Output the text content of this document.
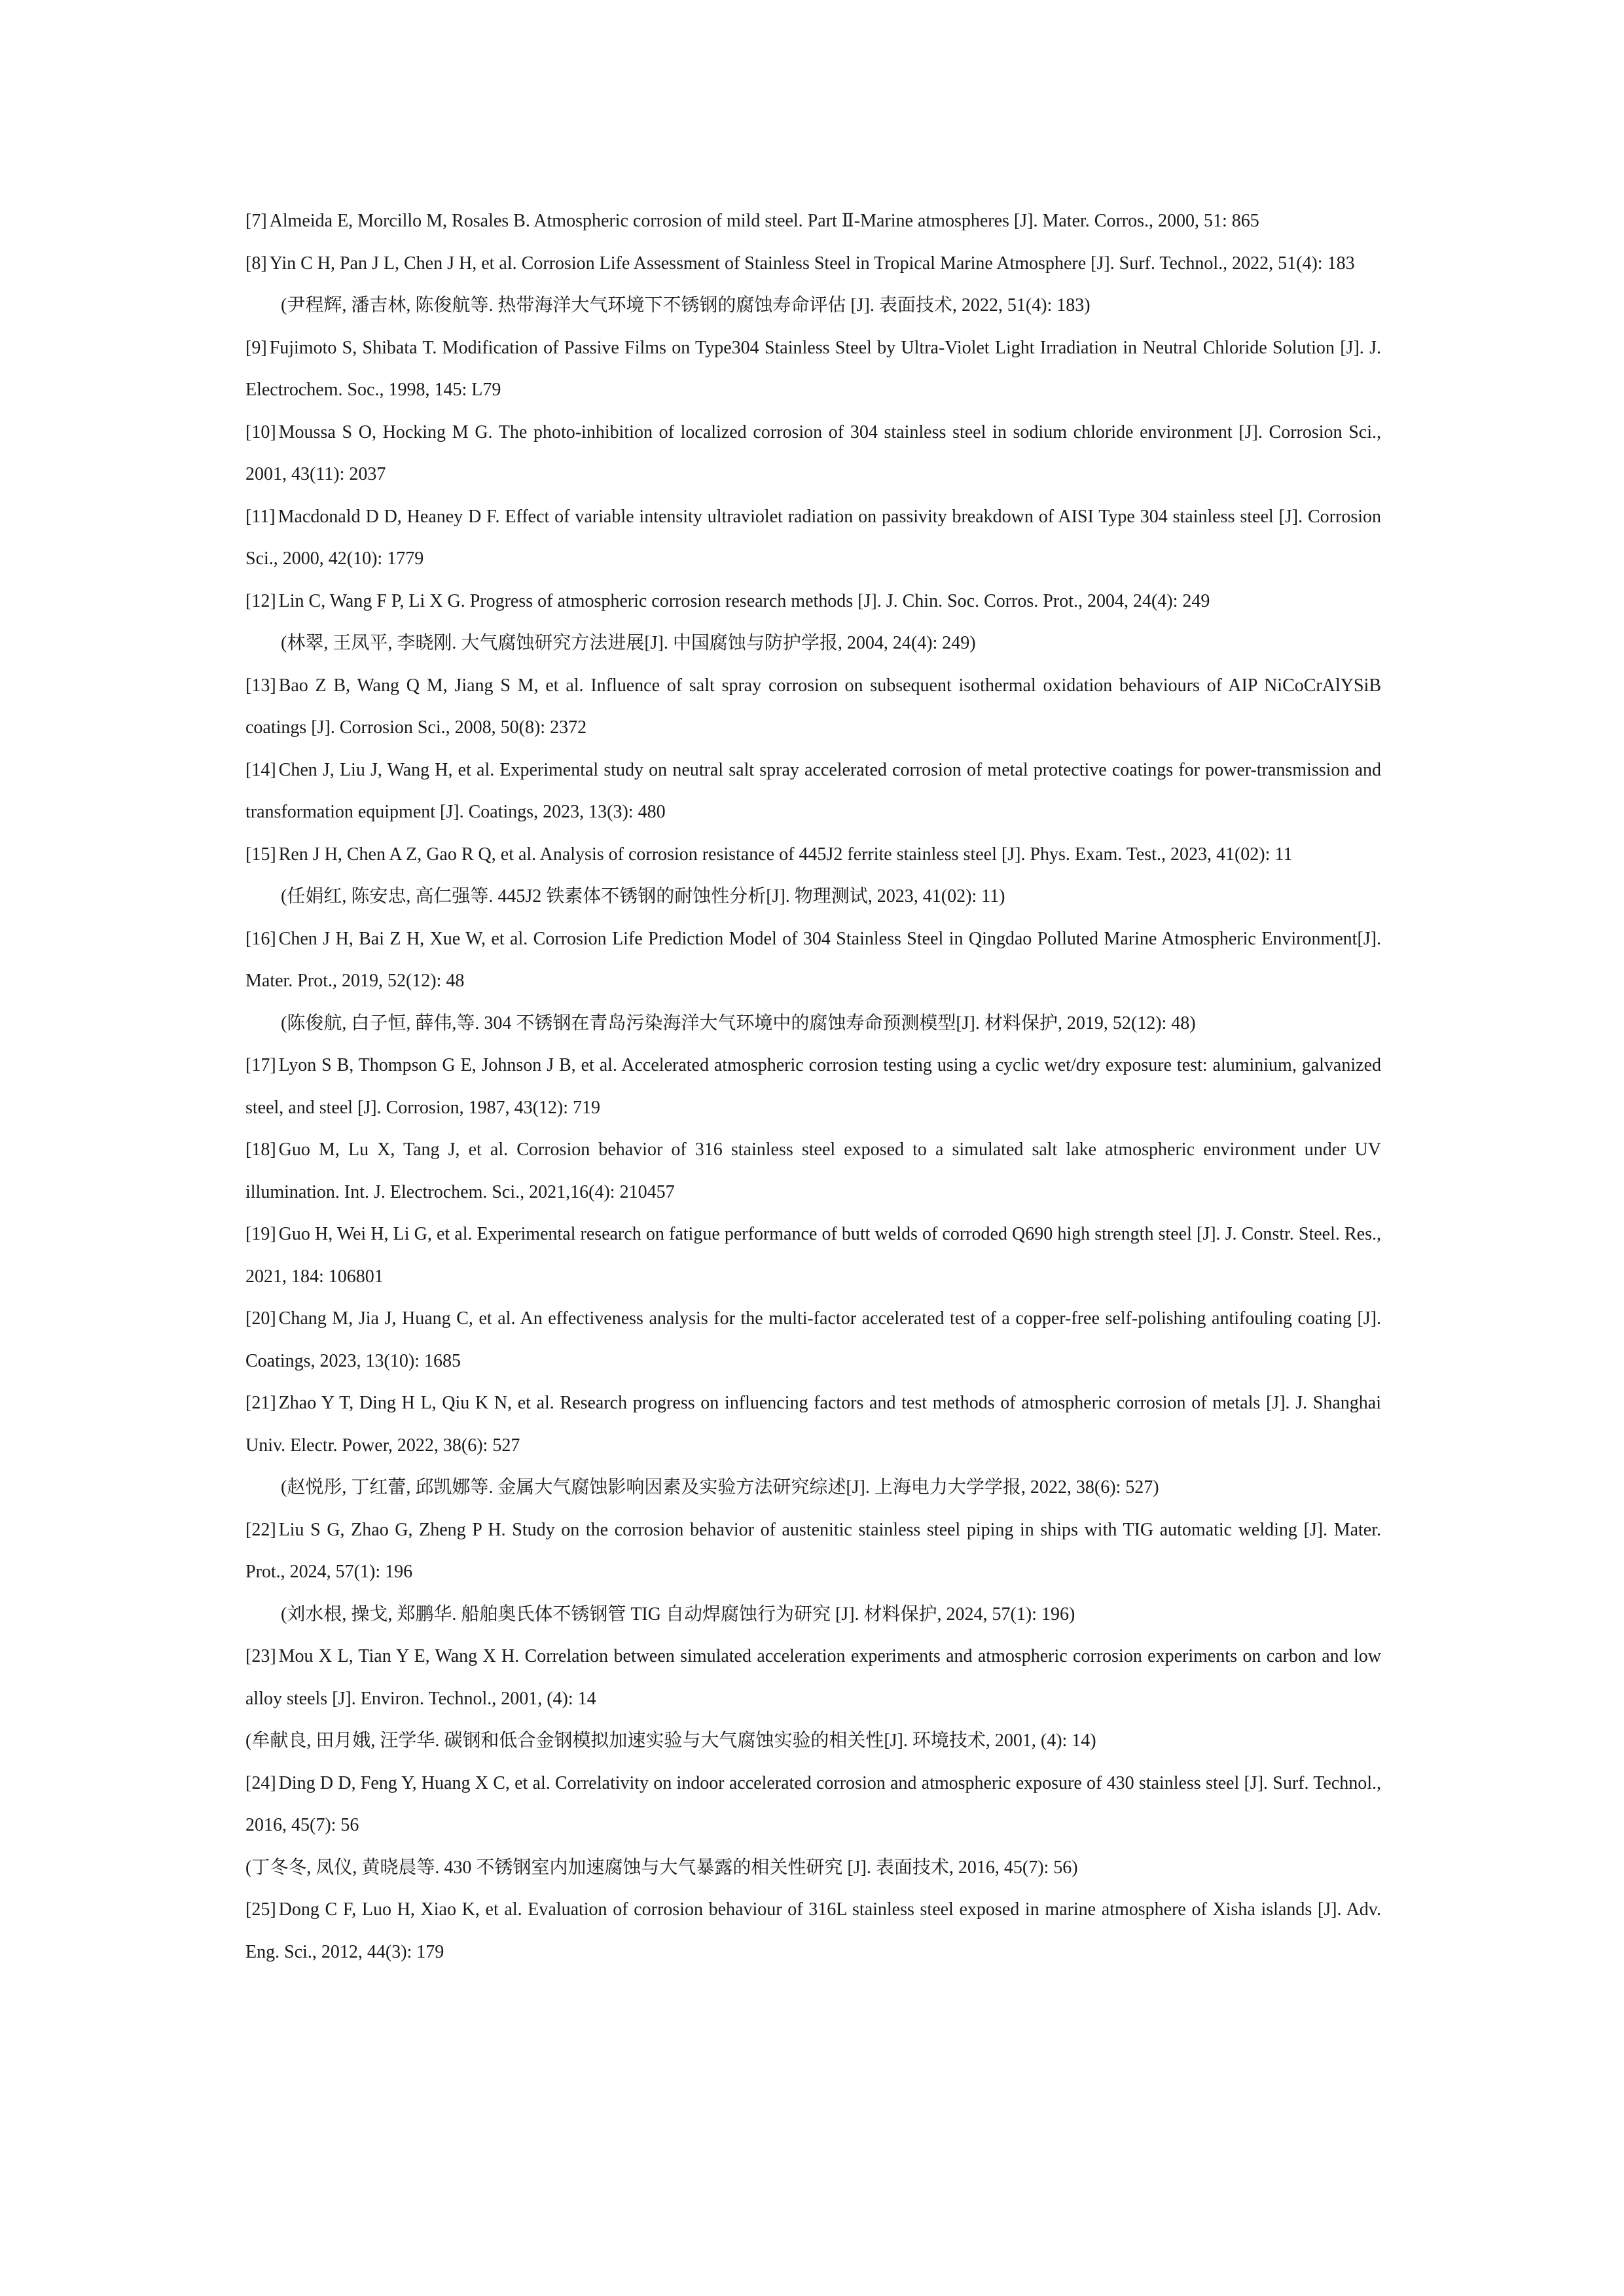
[7] Almeida E, Morcillo M, Rosales B. Atmospheric corrosion of mild steel. Part Ⅱ-Marine atmospheres [J]. Mater. Corros., 2000, 51: 865
[8] Yin C H, Pan J L, Chen J H, et al. Corrosion Life Assessment of Stainless Steel in Tropical Marine Atmosphere [J]. Surf. Technol., 2022, 51(4): 183
(尹程辉, 潘吉林, 陈俊航等. 热带海洋大气环境下不锈钢的腐蚀寿命评估 [J]. 表面技术, 2022, 51(4): 183)
[9] Fujimoto S, Shibata T. Modification of Passive Films on Type304 Stainless Steel by Ultra-Violet Light Irradiation in Neutral Chloride Solution [J]. J. Electrochem. Soc., 1998, 145: L79
[10] Moussa S O, Hocking M G. The photo-inhibition of localized corrosion of 304 stainless steel in sodium chloride environment [J]. Corrosion Sci., 2001, 43(11): 2037
[11] Macdonald D D, Heaney D F. Effect of variable intensity ultraviolet radiation on passivity breakdown of AISI Type 304 stainless steel [J]. Corrosion Sci., 2000, 42(10): 1779
[12] Lin C, Wang F P, Li X G. Progress of atmospheric corrosion research methods [J]. J. Chin. Soc. Corros. Prot., 2004, 24(4): 249
(林翠, 王凤平, 李晓刚. 大气腐蚀研究方法进展[J]. 中国腐蚀与防护学报, 2004, 24(4): 249)
[13] Bao Z B, Wang Q M, Jiang S M, et al. Influence of salt spray corrosion on subsequent isothermal oxidation behaviours of AIP NiCoCrAlYSiB coatings [J]. Corrosion Sci., 2008, 50(8): 2372
[14] Chen J, Liu J, Wang H, et al. Experimental study on neutral salt spray accelerated corrosion of metal protective coatings for power-transmission and transformation equipment [J]. Coatings, 2023, 13(3): 480
[15] Ren J H, Chen A Z, Gao R Q, et al. Analysis of corrosion resistance of 445J2 ferrite stainless steel [J]. Phys. Exam. Test., 2023, 41(02): 11
(任娟红, 陈安忠, 高仁强等. 445J2 铁素体不锈钢的耐蚀性分析[J]. 物理测试, 2023, 41(02): 11)
[16] Chen J H, Bai Z H, Xue W, et al. Corrosion Life Prediction Model of 304 Stainless Steel in Qingdao Polluted Marine Atmospheric Environment[J]. Mater. Prot., 2019, 52(12): 48
(陈俊航, 白子恒, 薛伟,等. 304 不锈钢在青岛污染海洋大气环境中的腐蚀寿命预测模型[J]. 材料保护, 2019, 52(12): 48)
[17] Lyon S B, Thompson G E, Johnson J B, et al. Accelerated atmospheric corrosion testing using a cyclic wet/dry exposure test: aluminium, galvanized steel, and steel [J]. Corrosion, 1987, 43(12): 719
[18] Guo M, Lu X, Tang J, et al. Corrosion behavior of 316 stainless steel exposed to a simulated salt lake atmospheric environment under UV illumination. Int. J. Electrochem. Sci., 2021,16(4): 210457
[19] Guo H, Wei H, Li G, et al. Experimental research on fatigue performance of butt welds of corroded Q690 high strength steel [J]. J. Constr. Steel. Res., 2021, 184: 106801
[20] Chang M, Jia J, Huang C, et al. An effectiveness analysis for the multi-factor accelerated test of a copper-free self-polishing antifouling coating [J]. Coatings, 2023, 13(10): 1685
[21] Zhao Y T, Ding H L, Qiu K N, et al. Research progress on influencing factors and test methods of atmospheric corrosion of metals [J]. J. Shanghai Univ. Electr. Power, 2022, 38(6): 527
(赵悦彤, 丁红蕾, 邱凯娜等. 金属大气腐蚀影响因素及实验方法研究综述[J]. 上海电力大学学报, 2022, 38(6): 527)
[22] Liu S G, Zhao G, Zheng P H. Study on the corrosion behavior of austenitic stainless steel piping in ships with TIG automatic welding [J]. Mater. Prot., 2024, 57(1): 196
(刘水根, 操戈, 郑鹏华. 船舶奥氏体不锈钢管 TIG 自动焊腐蚀行为研究 [J]. 材料保护, 2024, 57(1): 196)
[23] Mou X L, Tian Y E, Wang X H. Correlation between simulated acceleration experiments and atmospheric corrosion experiments on carbon and low alloy steels [J]. Environ. Technol., 2001, (4): 14
(牟献良, 田月娥, 汪学华. 碳钢和低合金钢模拟加速实验与大气腐蚀实验的相关性[J]. 环境技术, 2001, (4): 14)
[24] Ding D D, Feng Y, Huang X C, et al. Correlativity on indoor accelerated corrosion and atmospheric exposure of 430 stainless steel [J]. Surf. Technol., 2016, 45(7): 56
(丁冬冬, 凤仪, 黄晓晨等. 430 不锈钢室内加速腐蚀与大气暴露的相关性研究 [J]. 表面技术, 2016, 45(7): 56)
[25] Dong C F, Luo H, Xiao K, et al. Evaluation of corrosion behaviour of 316L stainless steel exposed in marine atmosphere of Xisha islands [J]. Adv. Eng. Sci., 2012, 44(3): 179
